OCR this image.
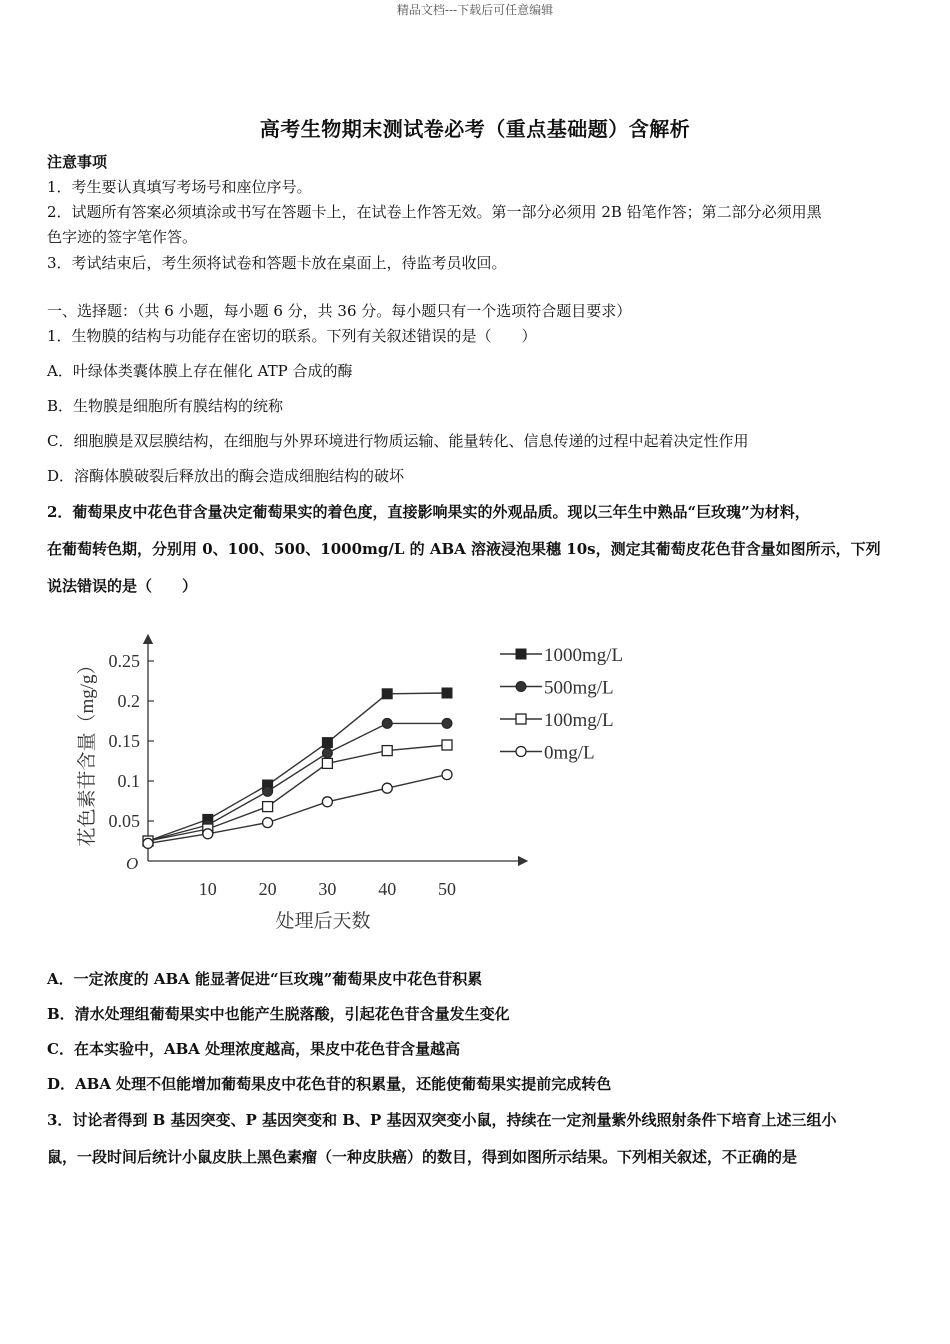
精品文档---下载后可任意编辑
高考生物期末测试卷必考（重点基础题）含解析
注意事项
1．考生要认真填写考场号和座位序号。
2．试题所有答案必须填涂或书写在答题卡上，在试卷上作答无效。第一部分必须用 2B 铅笔作答；第二部分必须用黑
色字迹的签字笔作答。
3．考试结束后，考生须将试卷和答题卡放在桌面上，待监考员收回。
一、选择题：（共 6 小题，每小题 6 分，共 36 分。每小题只有一个选项符合题目要求）
1．生物膜的结构与功能存在密切的联系。下列有关叙述错误的是（　　）
A．叶绿体类囊体膜上存在催化 ATP 合成的酶
B．生物膜是细胞所有膜结构的统称
C．细胞膜是双层膜结构，在细胞与外界环境进行物质运输、能量转化、信息传递的过程中起着决定性作用
D．溶酶体膜破裂后释放出的酶会造成细胞结构的破坏
2．葡萄果皮中花色苷含量决定葡萄果实的着色度，直接影响果实的外观品质。现以三年生中熟品“巨玫瑰”为材料，
在葡萄转色期，分别用 0、100、500、1000mg/L 的 ABA 溶液浸泡果穗 10s，测定其葡萄皮花色苷含量如图所示，下列
说法错误的是（　　）
O
0.05
0.1
0.15
0.2
0.25
10 20 30 40 50
处理后天数
花色素苷含量（mg/g）	1000mg/L
500mg/L
100mg/L
0mg/L
A．一定浓度的 ABA 能显著促进“巨玫瑰”葡萄果皮中花色苷积累
B．清水处理组葡萄果实中也能产生脱落酸，引起花色苷含量发生变化
C．在本实验中，ABA 处理浓度越高，果皮中花色苷含量越高
D．ABA 处理不但能增加葡萄果皮中花色苷的积累量，还能使葡萄果实提前完成转色
3．讨论者得到 B 基因突变、P 基因突变和 B、P 基因双突变小鼠，持续在一定剂量紫外线照射条件下培育上述三组小
鼠，一段时间后统计小鼠皮肤上黑色素瘤（一种皮肤癌）的数目，得到如图所示结果。下列相关叙述，不正确的是
